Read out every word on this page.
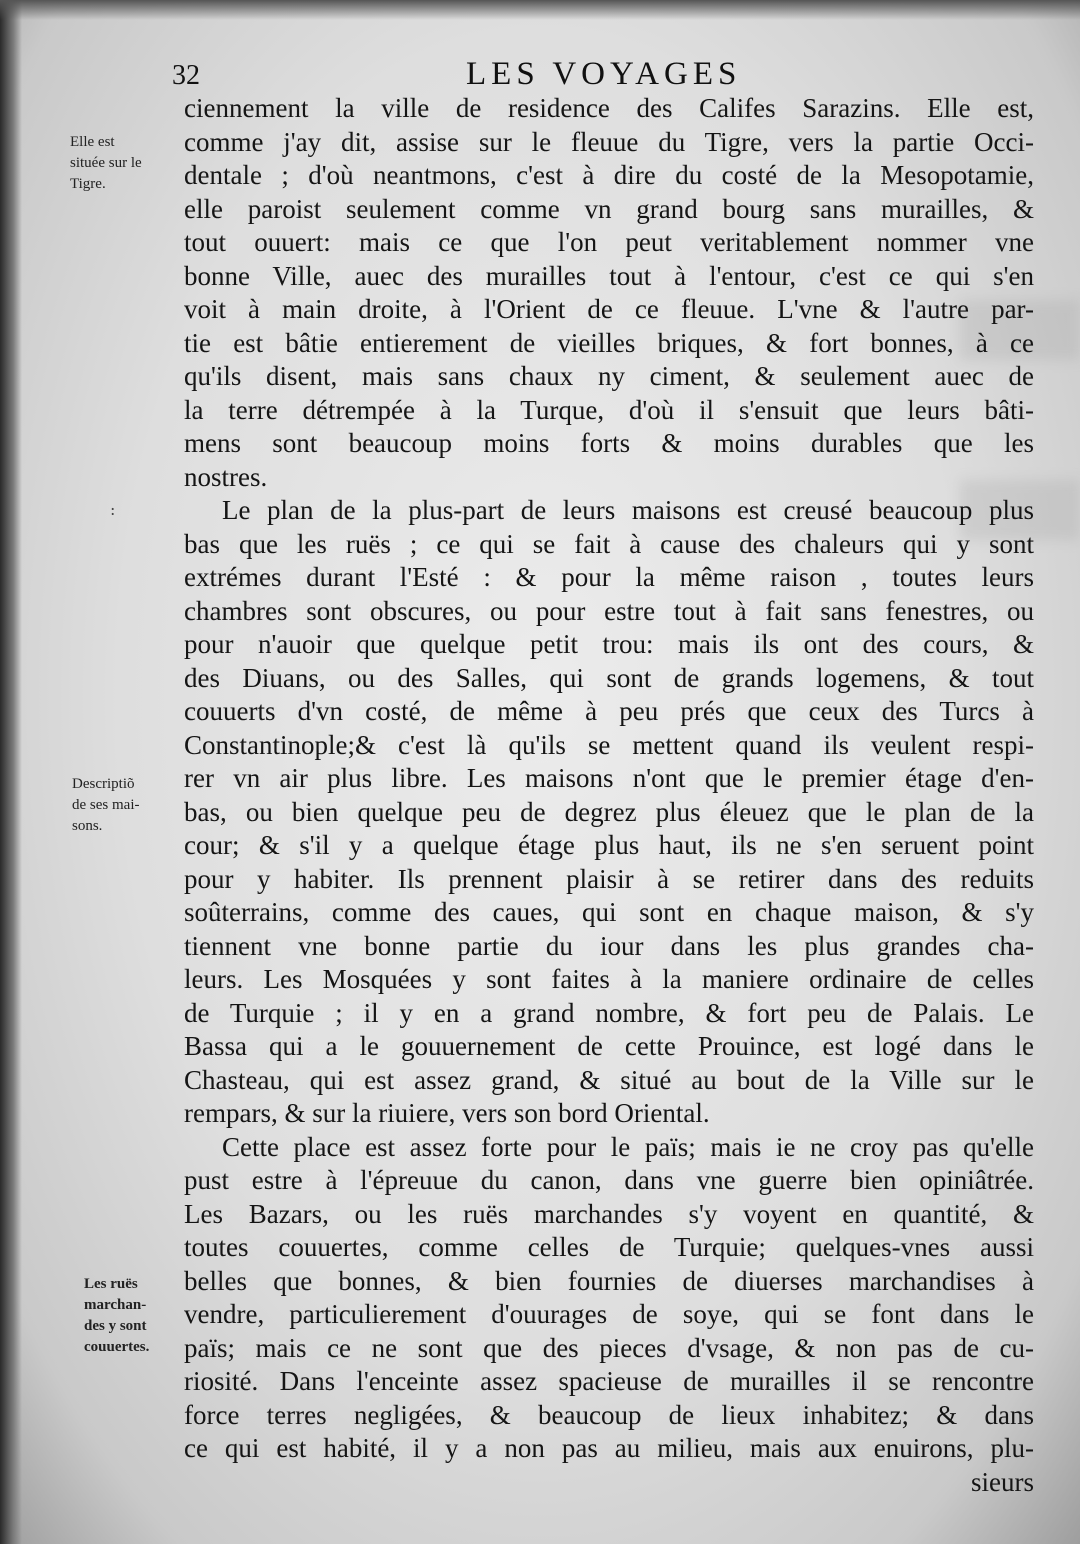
32	LES VOYAGES
Elle est
située sur le
Tigre.
:
Descriptiõ
de ses mai-
sons.
Les ruës
marchan-
des y sont
couuertes.
ciennement la ville de residence des Califes Sarazins. Elle est,
comme j'ay dit, assise sur le fleuue du Tigre, vers la partie Occi-
dentale ; d'où neantmons, c'est à dire du costé de la Mesopotamie,
elle paroist seulement comme vn grand bourg sans murailles, &
tout ouuert: mais ce que l'on peut veritablement nommer vne
bonne Ville, auec des murailles tout à l'entour, c'est ce qui s'en
voit à main droite, à l'Orient de ce fleuue. L'vne & l'autre par-
tie est bâtie entierement de vieilles briques, & fort bonnes, à ce
qu'ils disent, mais sans chaux ny ciment, & seulement auec de
la terre détrempée à la Turque, d'où il s'ensuit que leurs bâti-
mens sont beaucoup moins forts & moins durables que les
nostres.
Le plan de la plus-part de leurs maisons est creusé beaucoup plus
bas que les ruës ; ce qui se fait à cause des chaleurs qui y sont
extrémes durant l'Esté : & pour la même raison , toutes leurs
chambres sont obscures, ou pour estre tout à fait sans fenestres, ou
pour n'auoir que quelque petit trou: mais ils ont des cours, &
des Diuans, ou des Salles, qui sont de grands logemens, & tout
couuerts d'vn costé, de même à peu prés que ceux des Turcs à
Constantinople;& c'est là qu'ils se mettent quand ils veulent respi-
rer vn air plus libre. Les maisons n'ont que le premier étage d'en-
bas, ou bien quelque peu de degrez plus éleuez que le plan de la
cour; & s'il y a quelque étage plus haut, ils ne s'en seruent point
pour y habiter. Ils prennent plaisir à se retirer dans des reduits
soûterrains, comme des caues, qui sont en chaque maison, & s'y
tiennent vne bonne partie du iour dans les plus grandes cha-
leurs. Les Mosquées y sont faites à la maniere ordinaire de celles
de Turquie ; il y en a grand nombre, & fort peu de Palais. Le
Bassa qui a le gouuernement de cette Prouince, est logé dans le
Chasteau, qui est assez grand, & situé au bout de la Ville sur le
rempars, & sur la riuiere, vers son bord Oriental.
Cette place est assez forte pour le païs; mais ie ne croy pas qu'elle
pust estre à l'épreuue du canon, dans vne guerre bien opiniâtrée.
Les Bazars, ou les ruës marchandes s'y voyent en quantité, &
toutes couuertes, comme celles de Turquie; quelques-vnes aussi
belles que bonnes, & bien fournies de diuerses marchandises à
vendre, particulierement d'ouurages de soye, qui se font dans le
païs; mais ce ne sont que des pieces d'vsage, & non pas de cu-
riosité. Dans l'enceinte assez spacieuse de murailles il se rencontre
force terres negligées, & beaucoup de lieux inhabitez; & dans
ce qui est habité, il y a non pas au milieu, mais aux enuirons, plu-
sieurs
